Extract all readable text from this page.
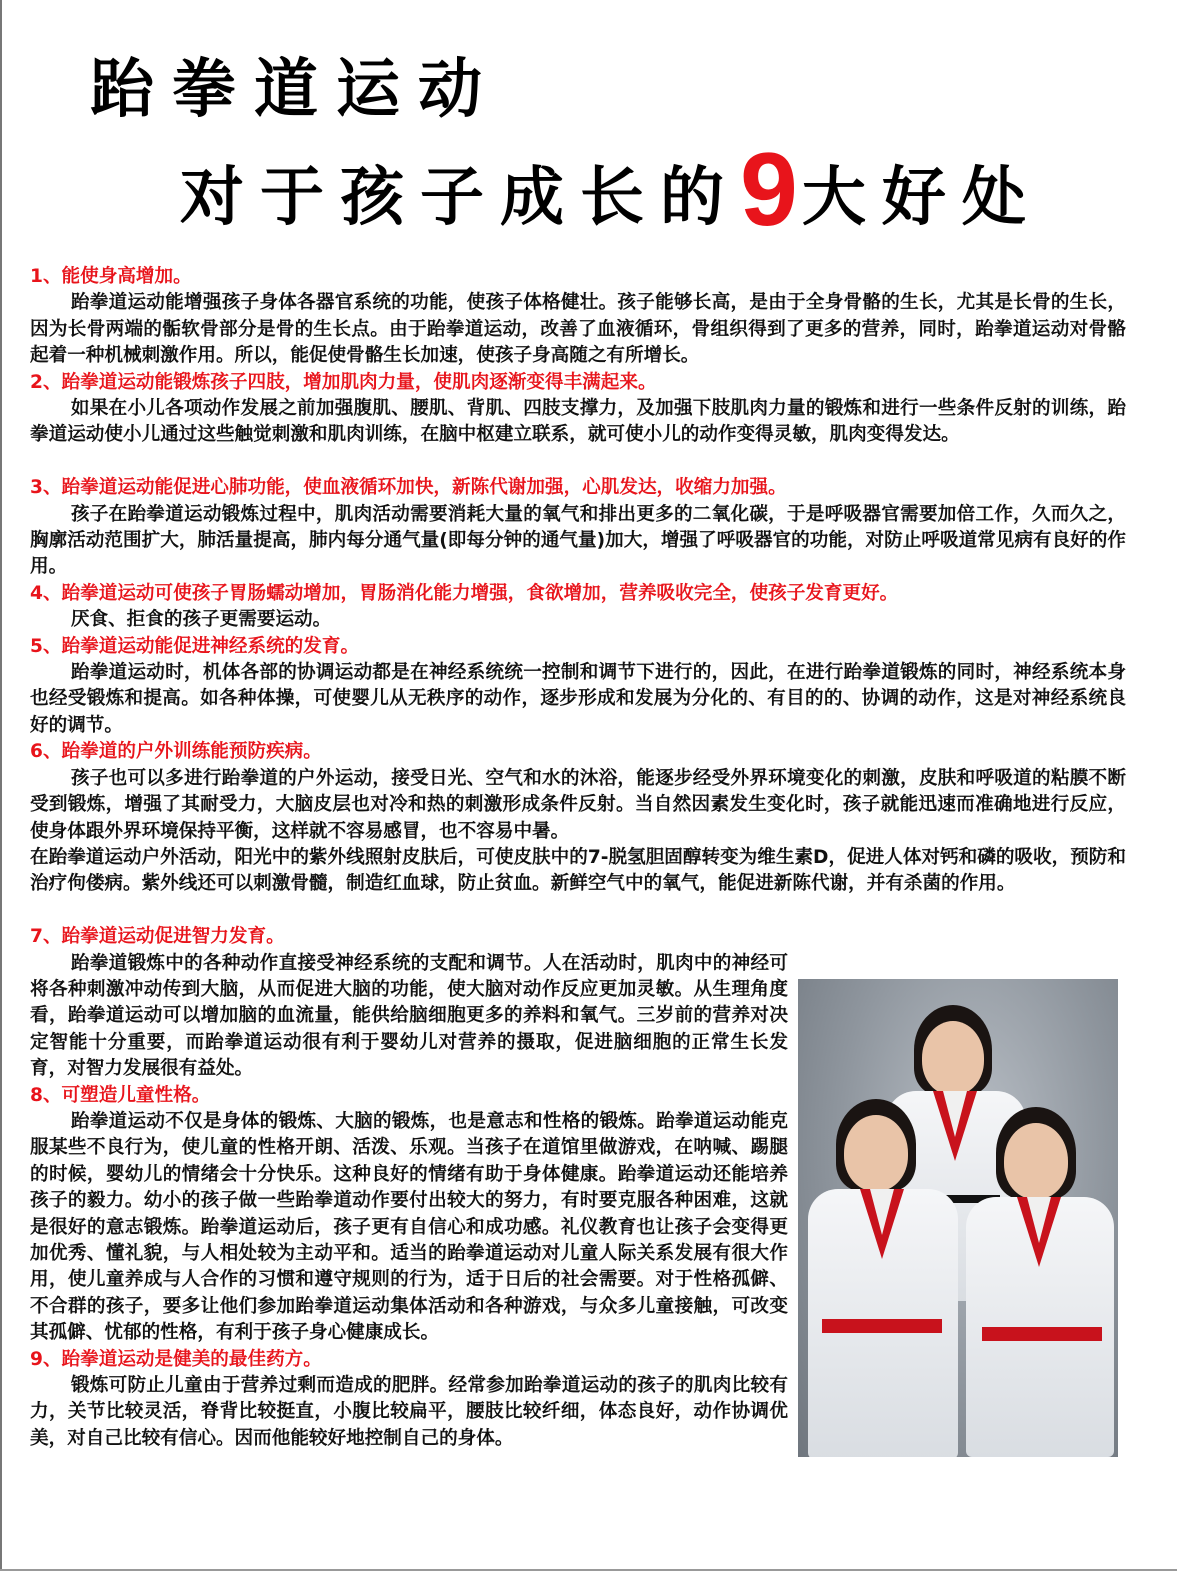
跆拳道运动
对于孩子成长的9大好处

1、能使身高增加。

跆拳道运动能增强孩子身体各器官系统的功能，使孩子体格健壮。孩子能够长高，是由于全身骨骼的生长，尤其是长骨的生长，因为长骨两端的骺软骨部分是骨的生长点。由于跆拳道运动，改善了血液循环，骨组织得到了更多的营养，同时，跆拳道运动对骨骼起着一种机械刺激作用。所以，能促使骨骼生长加速，使孩子身高随之有所增长。

2、跆拳道运动能锻炼孩子四肢，增加肌肉力量，使肌肉逐渐变得丰满起来。

如果在小儿各项动作发展之前加强腹肌、腰肌、背肌、四肢支撑力，及加强下肢肌肉力量的锻炼和进行一些条件反射的训练，跆拳道运动使小儿通过这些触觉刺激和肌肉训练，在脑中枢建立联系，就可使小儿的动作变得灵敏，肌肉变得发达。

3、跆拳道运动能促进心肺功能，使血液循环加快，新陈代谢加强，心肌发达，收缩力加强。

孩子在跆拳道运动锻炼过程中，肌肉活动需要消耗大量的氧气和排出更多的二氧化碳，于是呼吸器官需要加倍工作，久而久之，胸廓活动范围扩大，肺活量提高，肺内每分通气量(即每分钟的通气量)加大，增强了呼吸器官的功能，对防止呼吸道常见病有良好的作用。

4、跆拳道运动可使孩子胃肠蠕动增加，胃肠消化能力增强，食欲增加，营养吸收完全，使孩子发育更好。

厌食、拒食的孩子更需要运动。

5、跆拳道运动能促进神经系统的发育。

跆拳道运动时，机体各部的协调运动都是在神经系统统一控制和调节下进行的，因此，在进行跆拳道锻炼的同时，神经系统本身也经受锻炼和提高。如各种体操，可使婴儿从无秩序的动作，逐步形成和发展为分化的、有目的的、协调的动作，这是对神经系统良好的调节。

6、跆拳道的户外训练能预防疾病。

孩子也可以多进行跆拳道的户外运动，接受日光、空气和水的沐浴，能逐步经受外界环境变化的刺激，皮肤和呼吸道的粘膜不断受到锻炼，增强了其耐受力，大脑皮层也对冷和热的刺激形成条件反射。当自然因素发生变化时，孩子就能迅速而准确地进行反应，使身体跟外界环境保持平衡，这样就不容易感冒，也不容易中暑。

在跆拳道运动户外活动，阳光中的紫外线照射皮肤后，可使皮肤中的7-脱氢胆固醇转变为维生素D，促进人体对钙和磷的吸收，预防和治疗佝偻病。紫外线还可以刺激骨髓，制造红血球，防止贫血。新鲜空气中的氧气，能促进新陈代谢，并有杀菌的作用。

7、跆拳道运动促进智力发育。

跆拳道锻炼中的各种动作直接受神经系统的支配和调节。人在活动时，肌肉中的神经可将各种刺激冲动传到大脑，从而促进大脑的功能，使大脑对动作反应更加灵敏。从生理角度看，跆拳道运动可以增加脑的血流量，能供给脑细胞更多的养料和氧气。三岁前的营养对决定智能十分重要，而跆拳道运动很有利于婴幼儿对营养的摄取，促进脑细胞的正常生长发育，对智力发展很有益处。

8、可塑造儿童性格。

跆拳道运动不仅是身体的锻炼、大脑的锻炼，也是意志和性格的锻炼。跆拳道运动能克服某些不良行为，使儿童的性格开朗、活泼、乐观。当孩子在道馆里做游戏，在呐喊、踢腿的时候，婴幼儿的情绪会十分快乐。这种良好的情绪有助于身体健康。跆拳道运动还能培养孩子的毅力。幼小的孩子做一些跆拳道动作要付出较大的努力，有时要克服各种困难，这就是很好的意志锻炼。跆拳道运动后，孩子更有自信心和成功感。礼仪教育也让孩子会变得更加优秀、懂礼貌，与人相处较为主动平和。适当的跆拳道运动对儿童人际关系发展有很大作用，使儿童养成与人合作的习惯和遵守规则的行为，适于日后的社会需要。对于性格孤僻、不合群的孩子，要多让他们参加跆拳道运动集体活动和各种游戏，与众多儿童接触，可改变其孤僻、忧郁的性格，有利于孩子身心健康成长。

9、跆拳道运动是健美的最佳药方。

锻炼可防止儿童由于营养过剩而造成的肥胖。经常参加跆拳道运动的孩子的肌肉比较有力，关节比较灵活，脊背比较挺直，小腹比较扁平，腰肢比较纤细，体态良好，动作协调优美，对自己比较有信心。因而他能较好地控制自己的身体。
